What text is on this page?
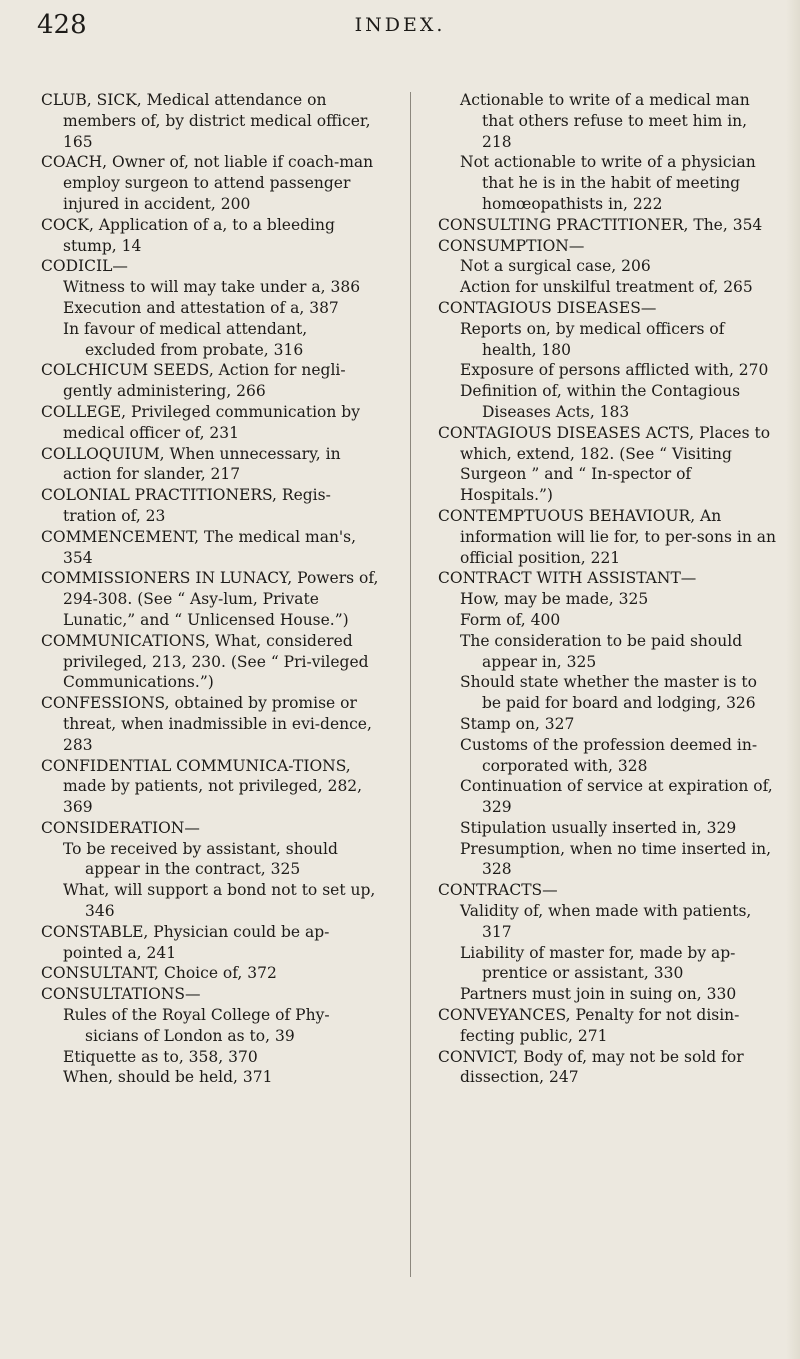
428	INDEX.

CLUB, SICK, Medical attendance on members of, by district medical officer, 165

COACH, Owner of, not liable if coach-man employ surgeon to attend passenger injured in accident, 200

COCK, Application of a, to a bleeding stump, 14

CODICIL—

Witness to will may take under a, 386

Execution and attestation of a, 387

In favour of medical attendant, excluded from probate, 316

COLCHICUM SEEDS, Action for negli-gently administering, 266

COLLEGE, Privileged communication by medical officer of, 231

COLLOQUIUM, When unnecessary, in action for slander, 217

COLONIAL PRACTITIONERS, Regis-tration of, 23

COMMENCEMENT, The medical man's, 354

COMMISSIONERS IN LUNACY, Powers of, 294-308. (See “ Asy-lum, Private Lunatic,” and “ Unlicensed House.”)

COMMUNICATIONS, What, considered privileged, 213, 230. (See “ Pri-vileged Communications.”)

CONFESSIONS, obtained by promise or threat, when inadmissible in evi-dence, 283

CONFIDENTIAL COMMUNICA-TIONS, made by patients, not privileged, 282, 369

CONSIDERATION—

To be received by assistant, should appear in the contract, 325

What, will support a bond not to set up, 346

CONSTABLE, Physician could be ap-pointed a, 241

CONSULTANT, Choice of, 372

CONSULTATIONS—

Rules of the Royal College of Phy-sicians of London as to, 39

Etiquette as to, 358, 370

When, should be held, 371

Actionable to write of a medical man that others refuse to meet him in, 218

Not actionable to write of a physician that he is in the habit of meeting homœopathists in, 222

CONSULTING PRACTITIONER, The, 354

CONSUMPTION—

Not a surgical case, 206

Action for unskilful treatment of, 265

CONTAGIOUS DISEASES—

Reports on, by medical officers of health, 180

Exposure of persons afflicted with, 270

Definition of, within the Contagious Diseases Acts, 183

CONTAGIOUS DISEASES ACTS, Places to which, extend, 182. (See “ Visiting Surgeon ” and “ In-spector of Hospitals.”)

CONTEMPTUOUS BEHAVIOUR, An information will lie for, to per-sons in an official position, 221

CONTRACT WITH ASSISTANT—

How, may be made, 325

Form of, 400

The consideration to be paid should appear in, 325

Should state whether the master is to be paid for board and lodging, 326

Stamp on, 327

Customs of the profession deemed in-corporated with, 328

Continuation of service at expiration of, 329

Stipulation usually inserted in, 329

Presumption, when no time inserted in, 328

CONTRACTS—

Validity of, when made with patients, 317

Liability of master for, made by ap-prentice or assistant, 330

Partners must join in suing on, 330

CONVEYANCES, Penalty for not disin-fecting public, 271

CONVICT, Body of, may not be sold for dissection, 247
